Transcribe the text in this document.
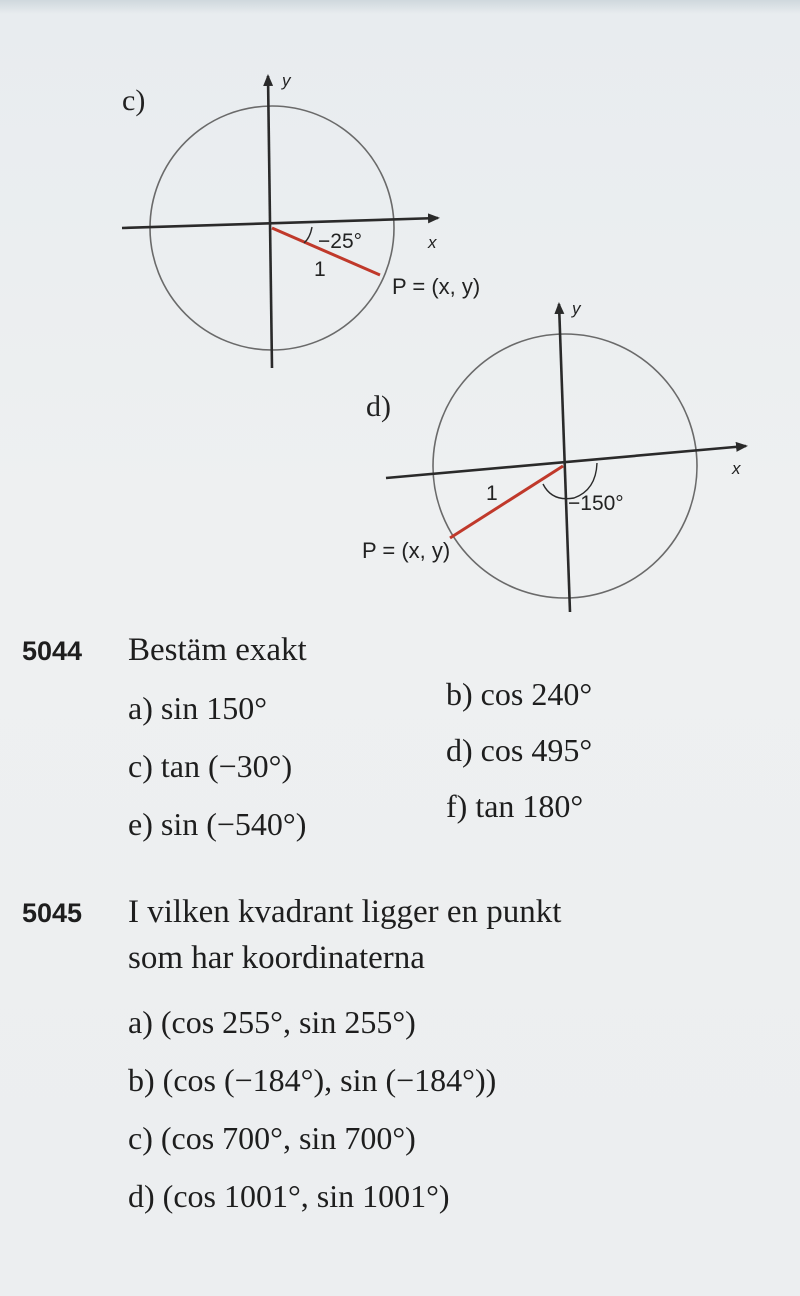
y
x
−25°
1
P = (x, y)
y
x
−150°
1
P = (x, y)
c)
d)
5044 Bestäm exakt
a) sin 150°	b) cos 240°
c) tan (−30°)	d) cos 495°
e) sin (−540°)	f) tan 180°
5045 I vilken kvadrant ligger en punkt
som har koordinaterna
a) (cos 255°, sin 255°)
b) (cos (−184°), sin (−184°))
c) (cos 700°, sin 700°)
d) (cos 1001°, sin 1001°)
